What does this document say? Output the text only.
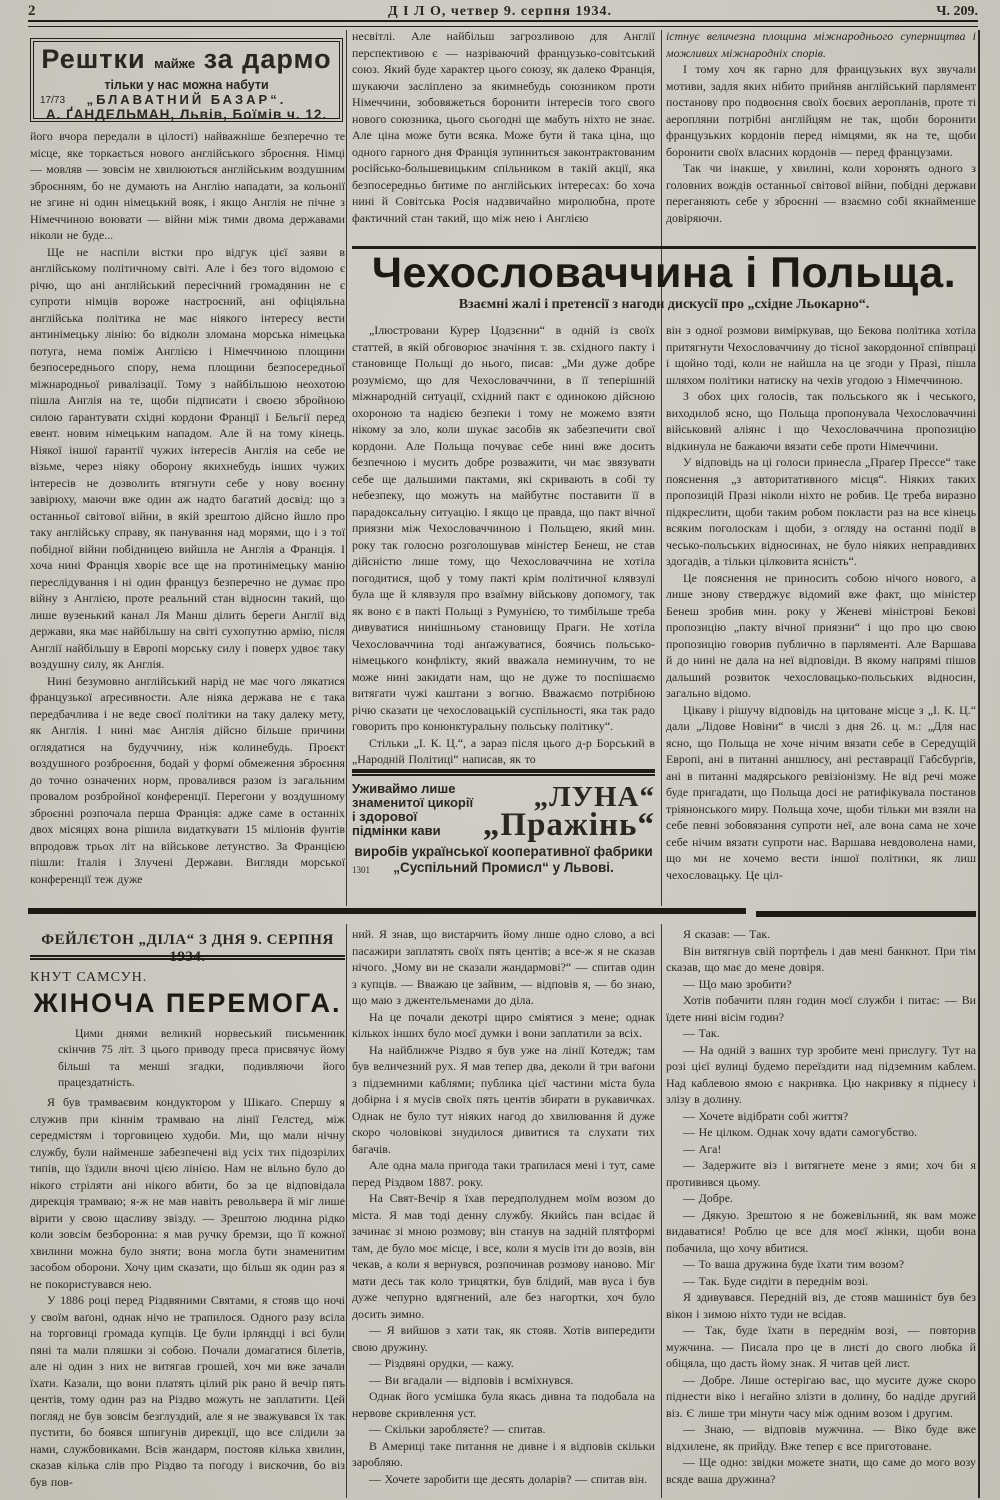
2	Д І Л О, четвер 9. серпня 1934.	Ч. 209.
Рештки майже за дармо
тільки у нас можна набути
17/73 „БЛАВАТНИЙ БАЗАР“.
А. ҐАНДЕЛЬМАН, Львів, Боїмів ч. 12.

його вчора передали в цілості) найважніше безперечно те місце, яке торкається нового англійського зброєння. Німці — мовляв — зовсім не хвилюються англійським воздушним зброєнням, бо не думають на Англію нападати, за кольонії не згине ні один німецький вояк, і якщо Англія не пічне з Німеччиною воювати — війни між тими двома державами ніколи не буде...

Ще не наспіли вістки про відгук цієї заяви в англійському політичному світі. Але і без того відомою є річю, що ані англійський пересічний громадянин не є супроти німців вороже настроєний, ані офіціяльна англійська політика не має ніякого інтересу вести антинімецьку лінію: бо відколи зломана морська німецька потуга, нема поміж Англією і Німеччиною площини безпосереднього спору, нема площини безпосередньої міжнародньої ривалізації. Тому з найбільшою неохотою пішла Англія на те, щоби підписати і своєю збройною силою ґарантувати східні кордони Франції і Бельгії перед евент. новим німецьким нападом. Але й на тому кінець. Ніякої іншої ґарантії чужих інтересів Англія на себе не візьме, через ніяку оборону якихнебудь інших чужих інтересів не дозволить втягнути себе у нову воєнну завірюху, маючи вже один аж надто багатий досвід: що з останньої світової війни, в якій зрештою дійсно йшло про таку англійську справу, як панування над морями, що і з тої побідної війни побідницею вийшла не Англія а Франція. І хоча нині Франція хворіє все ще на протинімецьку манію переслідування і ні один француз безперечно не думає про війну з Англією, проте реальний стан відносин такий, що лише вузенький канал Ля Манш ділить береги Англії від держави, яка має найбільшу на світі сухопутню армію, після Англії найбільшу в Европі морську силу і поверх удвоє таку воздушну силу, як Англія.

Нині безумовно англійський нарід не має чого лякатися французької аґресивности. Але ніяка держава не є така передбачлива і не веде своєї політики на таку далеку мету, як Англія. І нині має Англія дійсно більше причини оглядатися на будуччину, ніж колинебудь. Проєкт воздушного розброєння, бодай у формі обмеження зброєння до точно означених норм, провалився разом із загальним провалом розбройної конференції. Перегони у воздушному зброєнні розпочала перша Франція: адже саме в останніх двох місяцях вона рішила видаткувати 15 міліонів фунтів впродовж трьох літ на військове летунство. За Францією пішли: Італія і Злучені Держави. Вигляди морської конференції теж дуже

несвітлі. Але найбільш загрозливою для Англії перспективою є — назріваючий французько-совітський союз. Який буде характер цього союзу, як далеко Франція, шукаючи засліплено за якимнебудь союзником проти Німеччини, зобовяжеться боронити інтересів того свого нового союзника, цього сьогодні ще мабуть ніхто не знає. Але ціна може бути всяка. Може бути й така ціна, що одного гарного дня Франція зупиниться законтрактованим російсько-большевицьким спільником в такій акції, яка безпосередньо битиме по англійських інтересах: бо хоча нині й Совітська Росія надзвичайно миролюбна, проте фактичний стан такий, що між нею і Англією

істнує величезна площина міжнароднього суперництва і можливих міжнародніх спорів.

І тому хоч як гарно для французьких вух звучали мотиви, задля яких нібито прийняв англійський парлямент постанову про подвоєння своїх боєвих аеропланів, проте ті аеропляни потрібні англійцям не так, щоби боронити французьких кордонів перед німцями, як на те, щоби боронити своїх власних кордонів — перед французами.

Так чи інакше, у хвилині, коли хоронять одного з головних вождів останньої світової війни, побідні держави переганяють себе у зброєнні — взаємно собі якнайменше довіряючи.

Чехословаччина і Польща.

Взаємні жалі і претенсії з нагоди дискусії про „східне Льокарно“.

„Ілюстровани Курер Цодзєнни“ в одній із своїх статтей, в якій обговорює значіння т. зв. східного пакту і становище Польщі до нього, писав: „Ми дуже добре розуміємо, що для Чехословаччини, в її теперішній міжнародній ситуації, східний пакт є одинокою дійсною охороною та надією безпеки і тому не можемо взяти нікому за зло, коли шукає засобів як забезпечити свої кордони. Але Польща почуває себе нині вже досить безпечною і мусить добре розважити, чи має звязувати себе ще дальшими пактами, які скривають в собі ту небезпеку, що можуть на майбутнє поставити її в парадоксальну ситуацію. І якщо це правда, що пакт вічної приязни між Чехословаччиною і Польщею, який мин. року так голосно розголошував міністер Бенеш, не став дійсністю лише тому, що Чехословаччина не хотіла погодитися, щоб у тому пакті крім політичної клявзулі була ще й клявзуля про взаїмну військову допомогу, так як воно є в пакті Польщі з Румунією, то тимбільше треба дивуватися нинішньому становищу Праги. Не хотіла Чехословаччина тоді анґажуватися, боячись польсько-німецького конфлікту, який вважала неминучим, то не може нині закидати нам, що не дуже то поспішаємо витягати чужі каштани з вогню. Вважаємо потрібною річю сказати це чехословацькій суспільності, яка так радо говорить про конюнктуральну польську політику“.

Стільки „І. К. Ц.“, а зараз після цього д-р Борський в „Народній Політиці“ написав, як то

він з одної розмови виміркував, що Бекова політика хотіла притягнути Чехословаччину до тісної закордонної співпраці і щойно тоді, коли не найшла на це згоди у Празі, пішла шляхом політики натиску на чехів угодою з Німеччиною.

З обох цих голосів, так польського як і чеського, виходилоб ясно, що Польща пропонувала Чехословаччині військовий аліянс і що Чехословаччина пропозицію відкинула не бажаючи вязати себе проти Німеччини.

У відповідь на ці голоси принесла „Праґер Прессе“ таке пояснення „з авторитативного місця“. Ніяких таких пропозицій Празі ніколи ніхто не робив. Це треба виразно підкреслити, щоби таким робом покласти раз на все кінець всяким поголоскам і щоби, з огляду на останні події в чесько-польських відносинах, не було ніяких неправдивих здогадів, а тільки цілковита ясність“.

Це пояснення не приносить собою нічого нового, а лише знову стверджує відомий вже факт, що міністер Бенеш зробив мин. року у Женеві міністрові Бекові пропозицію „пакту вічної приязни“ і що про цю свою пропозицію говорив публично в парляменті. Але Варшава й до нині не дала на неї відповіди. В якому напрямі пішов дальший розвиток чехословацько-польських відносин, загально відомо.

Цікаву і рішучу відповідь на цитоване місце з „І. К. Ц.“ дали „Лідове Новіни“ в числі з дня 26. ц. м.: „Для нас ясно, що Польща не хоче нічим вязати себе в Середущій Европі, ані в питанні аншлюсу, ані реставрації Габсбурґів, ані в питанні мадярського ревізіонізму. Не від речі може буде пригадати, що Польща досі не ратифікувала постанов тріянонського миру. Польща хоче, щоби тільки ми взяли на себе певні зобовязання супроти неї, але вона сама не хоче себе нічим вязати супроти нас. Варшава невдоволена нами, що ми не хочемо вести іншої політики, як лиш чехословацьку. Це ціл-

Уживаймо лише
знаменитої цикорії „ЛУНА“
і здорової
підмінки кави „Пражінь“
виробів української кооперативної фабрики
1301 „Суспільний Промисл“ у Львові.
ФЕЙЛЄТОН „ДІЛА“ З ДНЯ 9. СЕРПНЯ 1934.
КНУТ САМСУН.
ЖІНОЧА ПЕРЕМОГА.

Цими днями великий норвеський письменник скінчив 75 літ. З цього приводу преса присвячує йому більші та менші згадки, подивляючи його працездатність.

Я був трамваєвим кондуктором у Шікаґо. Спершу я служив при кіннім трамваю на лінії Гелстед, між середмістям і торговицею худоби. Ми, що мали нічну службу, були найменше забезпечені від усіх тих підозрілих типів, що їздили вночі цією лінією. Нам не вільно було до нікого стріляти ані нікого вбити, бо за це відповідала дирекція трамваю; я-ж не мав навіть револьвера й міг лише вірити у свою щасливу звізду. — Зрештою людина рідко коли зовсім безборонна: я мав ручку бремзи, що її кожної хвилини можна було зняти; вона могла бути знаменитим засобом оборони. Хочу цим сказати, що більш як один раз я не покористувався нею.

У 1886 році перед Різдвяними Святами, я стояв що ночі у своїм ваґоні, однак нічо не трапилося. Одного разу всіла на торговиці громада купців. Це були ірляндці і всі були пяні та мали пляшки зі собою. Почали домагатися білетів, але ні один з них не витягав грошей, хоч ми вже зачали їхати. Казали, що вони платять цілий рік рано й вечір пять центів, тому один раз на Різдво можуть не заплатити. Цей погляд не був зовсім безглуздий, але я не зважувався їх так пустити, бо боявся шпигунів дирекції, що все слідили за нами, службовиками. Всів жандарм, постояв кілька хвилин, сказав кілька слів про Різдво та погоду і вискочив, бо віз був пов-

ний. Я знав, що вистарчить йому лише одно слово, а всі пасажири заплатять своїх пять центів; а все-ж я не сказав нічого. „Чому ви не сказали жандармові?“ — спитав один з купців. — Вважаю це зайвим, — відповів я, — бо знаю, що маю з джентельменами до діла.

На це почали декотрі щиро сміятися з мене; однак кількох інших було моєї думки і вони заплатили за всіх.

На найближче Різдво я був уже на лінії Котедж; там був величезний рух. Я мав тепер два, деколи й три ваґони з підземними каблями; публика цієї частини міста була добірна і я мусів своїх пять центів збирати в рукавичках. Однак не було тут ніяких нагод до хвилювання й дуже скоро чоловікові знудилося дивитися та слухати тих багачів.

Але одна мала пригода таки трапилася мені і тут, саме перед Різдвом 1887. року.

На Свят-Вечір я їхав передполуднем моїм возом до міста. Я мав тоді денну службу. Якийсь пан всідає й зачинає зі мною розмову; він станув на задній плятформі там, де було моє місце, і все, коли я мусів іти до возів, він чекав, а коли я вернувся, розпочинав розмову наново. Міг мати десь так коло трицятки, був блідий, мав вуса і був дуже чепурно вдягнений, але без нагортки, хоч було досить зимно.

— Я вийшов з хати так, як стояв. Хотів випередити свою дружину.

— Різдвяні орудки, — кажу.

— Ви вгадали — відповів і всміхнувся.

Однак його усмішка була якась дивна та подобала на нервове скривлення уст.

— Скільки заробляєте? — спитав.

В Америці таке питання не дивне і я відповів скільки заробляю.

— Хочете заробити ще десять доларів? — спитав він.

Я сказав: — Так.

Він витягнув свій портфель і дав мені банкнот. При тім сказав, що має до мене довіря.

— Що маю зробити?

Хотів побачити плян годин моєї служби і питає: — Ви їдете нині вісім годин?

— Так.

— На одній з ваших тур зробите мені прислугу. Тут на розі цієї вулиці будемо переїздити над підземним каблем. Над каблевою ямою є накривка. Цю накривку я піднесу і злізу в долину.

— Хочете відібрати собі життя?

— Не цілком. Однак хочу вдати самогубство.

— Ага!

— Задержите віз і витягнете мене з ями; хоч би я противився цьому.

— Добре.

— Дякую. Зрештою я не божевільний, як вам може видаватися! Роблю це все для моєї жінки, щоби вона побачила, що хочу вбитися.

— То ваша дружина буде їхати тим возом?

— Так. Буде сидіти в переднім возі.

Я здивувався. Передній віз, де стояв машиніст був без вікон і зимою ніхто туди не всідав.

— Так, буде їхати в переднім возі, — повторив мужчина. — Писала про це в листі до свого любка й обіцяла, що дасть йому знак. Я читав цей лист.

— Добре. Лише остерігаю вас, що мусите дуже скоро піднести віко і негайно злізти в долину, бо надіде другий віз. Є лише три мінути часу між одним возом і другим.

— Знаю, — відповів мужчина. — Віко буде вже відхилене, як прийду. Вже тепер є все приготоване.

— Ще одно: звідки можете знати, що саме до мого возу всяде ваша дружина?
